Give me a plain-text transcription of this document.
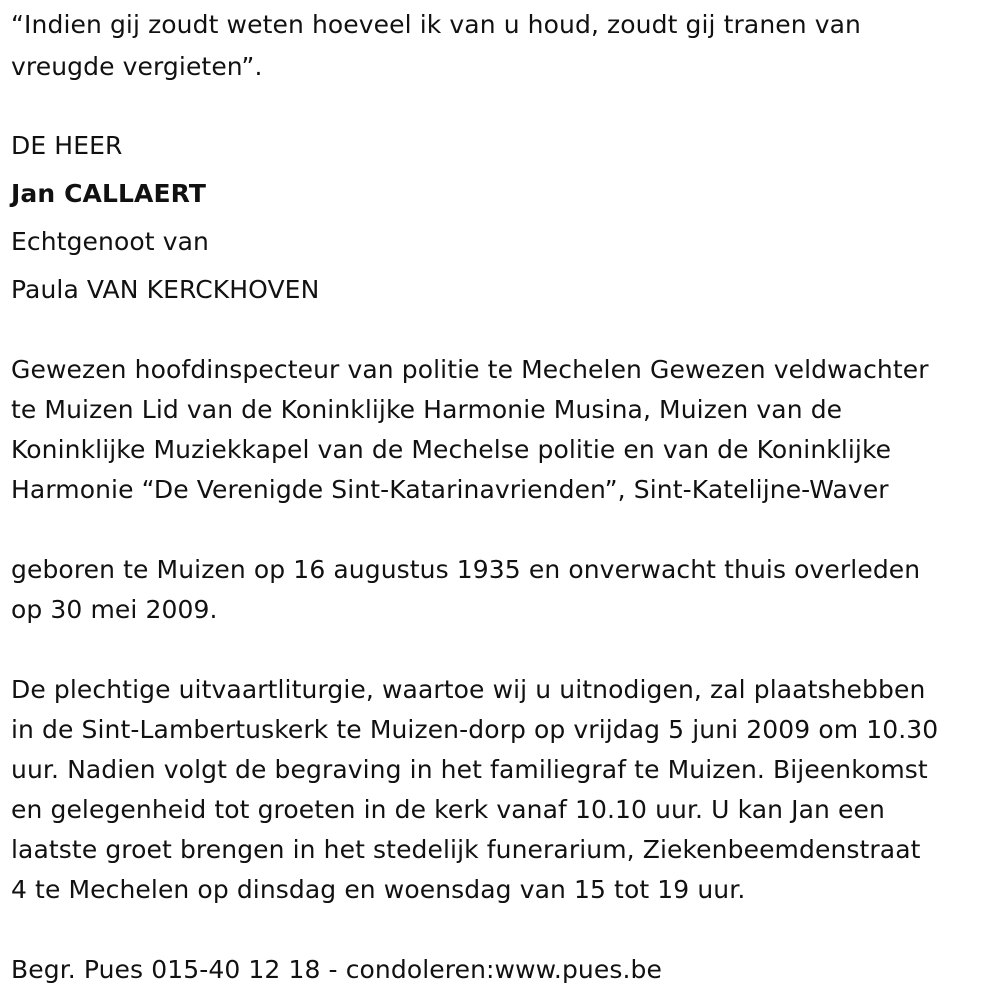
“Indien gij zoudt weten hoeveel ik van u houd, zoudt gij tranen van
vreugde vergieten”.
DE HEER
Jan CALLAERT
Echtgenoot van
Paula VAN KERCKHOVEN
Gewezen hoofdinspecteur van politie te Mechelen Gewezen veldwachter
te Muizen Lid van de Koninklijke Harmonie Musina, Muizen van de
Koninklijke Muziekkapel van de Mechelse politie en van de Koninklijke
Harmonie “De Verenigde Sint-Katarinavrienden”, Sint-Katelijne-Waver
geboren te Muizen op 16 augustus 1935 en onverwacht thuis overleden
op 30 mei 2009.
De plechtige uitvaartliturgie, waartoe wij u uitnodigen, zal plaatshebben
in de Sint-Lambertuskerk te Muizen-dorp op vrijdag 5 juni 2009 om 10.30
uur. Nadien volgt de begraving in het familiegraf te Muizen. Bijeenkomst
en gelegenheid tot groeten in de kerk vanaf 10.10 uur. U kan Jan een
laatste groet brengen in het stedelijk funerarium, Ziekenbeemdenstraat
4 te Mechelen op dinsdag en woensdag van 15 tot 19 uur.
Begr. Pues 015-40 12 18 - condoleren:www.pues.be
